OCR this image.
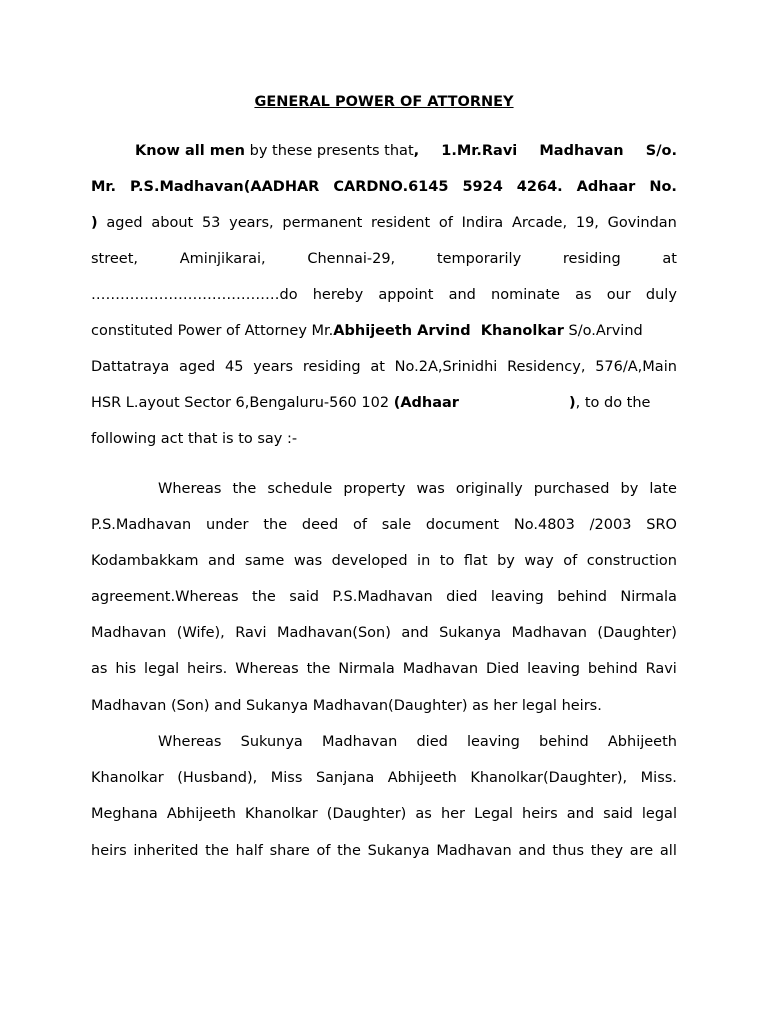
GENERAL POWER OF ATTORNEY
Know all men by these presents that, 1.Mr.Ravi Madhavan S/o.
Mr. P.S.Madhavan(AADHAR CARDNO.6145 5924 4264. Adhaar No.
) aged about 53 years, permanent resident of Indira Arcade, 19, Govindan
street,	Aminjikarai,	Chennai-29,	temporarily	residing	at
…………………………………do hereby appoint and nominate as our duly
constituted Power of Attorney Mr.Abhijeeth Arvind  Khanolkar S/o.Arvind
Dattatraya aged 45 years residing at No.2A,Srinidhi Residency, 576/A,Main
HSR L.ayout Sector 6,Bengaluru-560 102 (Adhaar	), to do the
following act that is to say :-
Whereas the schedule property was originally purchased by late
P.S.Madhavan under the deed of sale document No.4803 /2003 SRO
Kodambakkam and same was developed in to flat by way of construction
agreement.Whereas the said P.S.Madhavan died leaving behind Nirmala
Madhavan (Wife), Ravi Madhavan(Son) and Sukanya Madhavan (Daughter)
as his legal heirs. Whereas the Nirmala Madhavan Died leaving behind Ravi
Madhavan (Son) and Sukanya Madhavan(Daughter) as her legal heirs.
Whereas Sukunya Madhavan died leaving behind Abhijeeth
Khanolkar (Husband), Miss Sanjana Abhijeeth Khanolkar(Daughter), Miss.
Meghana Abhijeeth Khanolkar (Daughter) as her Legal heirs and said legal
heirs inherited the half share of the Sukanya Madhavan and thus they are all
